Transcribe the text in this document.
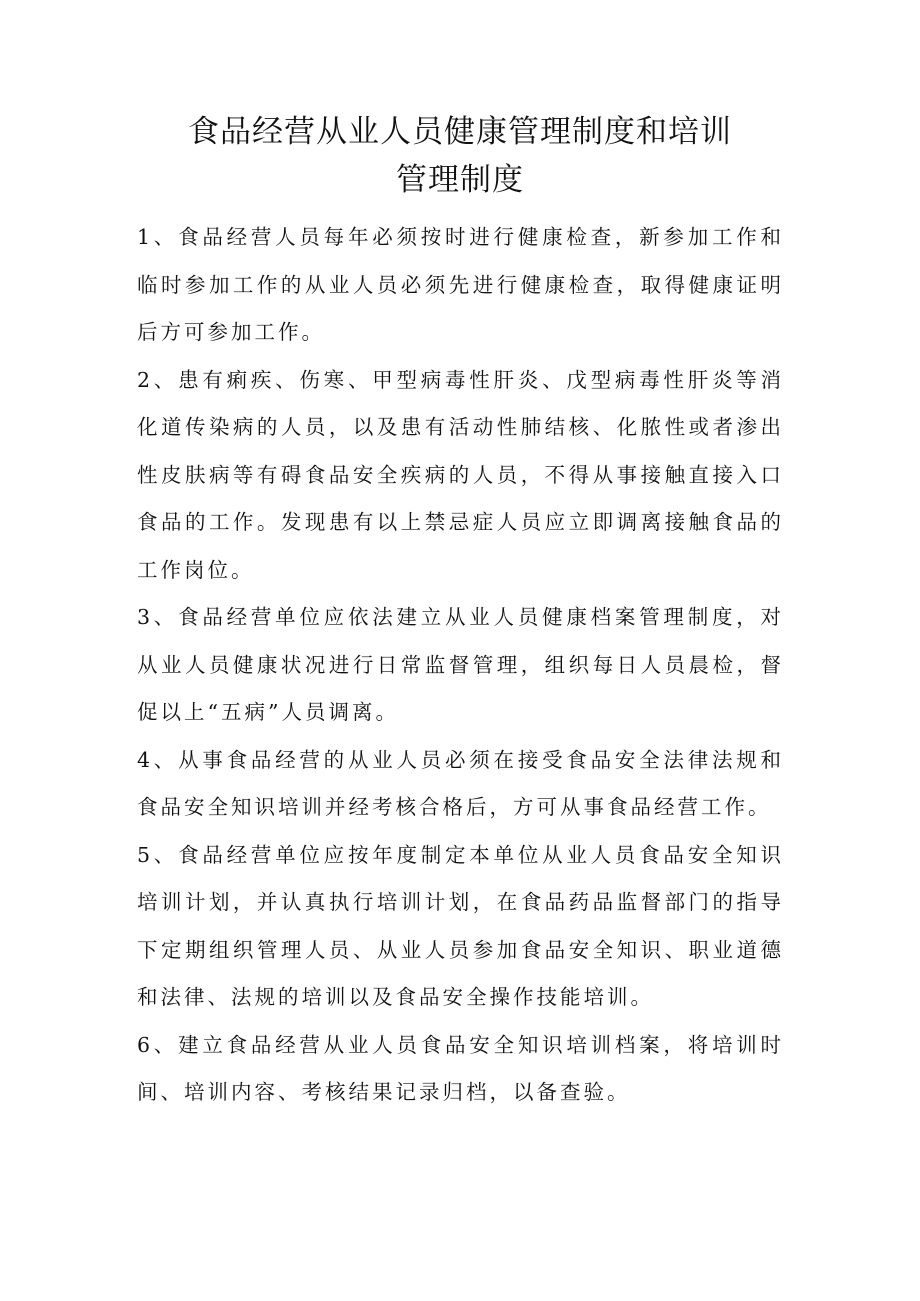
食品经营从业人员健康管理制度和培训
管理制度

1、食品经营人员每年必须按时进行健康检查，新参加工作和临时参加工作的从业人员必须先进行健康检查，取得健康证明后方可参加工作。

2、患有痢疾、伤寒、甲型病毒性肝炎、戊型病毒性肝炎等消化道传染病的人员，以及患有活动性肺结核、化脓性或者渗出性皮肤病等有碍食品安全疾病的人员，不得从事接触直接入口食品的工作。发现患有以上禁忌症人员应立即调离接触食品的工作岗位。

3、食品经营单位应依法建立从业人员健康档案管理制度，对从业人员健康状况进行日常监督管理，组织每日人员晨检，督促以上“五病”人员调离。

4、从事食品经营的从业人员必须在接受食品安全法律法规和食品安全知识培训并经考核合格后，方可从事食品经营工作。

5、食品经营单位应按年度制定本单位从业人员食品安全知识培训计划，并认真执行培训计划，在食品药品监督部门的指导下定期组织管理人员、从业人员参加食品安全知识、职业道德和法律、法规的培训以及食品安全操作技能培训。

6、建立食品经营从业人员食品安全知识培训档案，将培训时间、培训内容、考核结果记录归档，以备查验。
